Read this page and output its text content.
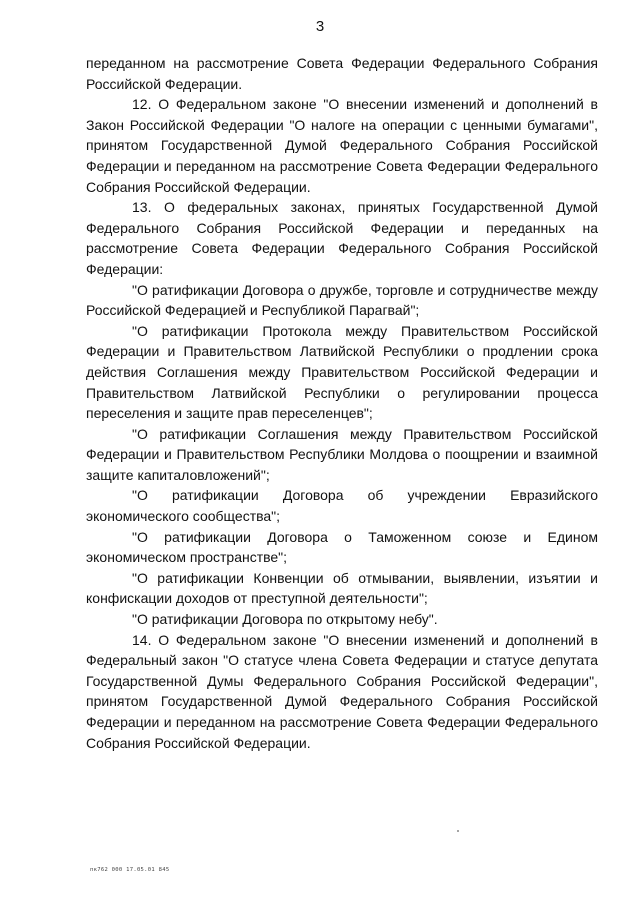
3

переданном на рассмотрение Совета Федерации Федерального Собрания Российской Федерации.

12. О Федеральном законе "О внесении изменений и дополнений в Закон Российской Федерации "О налоге на операции с ценными бумагами", принятом Государственной Думой Федерального Собрания Российской Федерации и переданном на рассмотрение Совета Федерации Федерального Собрания Российской Федерации.

13. О федеральных законах, принятых Государственной Думой Федерального Собрания Российской Федерации и переданных на рассмотрение Совета Федерации Федерального Собрания Российской Федерации:

"О ратификации Договора о дружбе, торговле и сотрудничестве между Российской Федерацией и Республикой Парагвай";

"О ратификации Протокола между Правительством Российской Федерации и Правительством Латвийской Республики о продлении срока действия Соглашения между Правительством Российской Федерации и Правительством Латвийской Республики о регулировании процесса переселения и защите прав переселенцев";

"О ратификации Соглашения между Правительством Российской Федерации и Правительством Республики Молдова о поощрении и взаимной защите капиталовложений";

"О ратификации Договора об учреждении Евразийского экономического сообщества";

"О ратификации Договора о Таможенном союзе и Едином экономическом пространстве";

"О ратификации Конвенции об отмывании, выявлении, изъятии и конфискации доходов от преступной деятельности";

"О ратификации Договора по открытому небу".

14. О Федеральном законе "О внесении изменений и дополнений в Федеральный закон "О статусе члена Совета Федерации и статусе депутата Государственной Думы Федерального Собрания Российской Федерации", принятом Государственной Думой Федерального Собрания Российской Федерации и переданном на рассмотрение Совета Федерации Федерального Собрания Российской Федерации.

пк762 000 17.05.01 845
